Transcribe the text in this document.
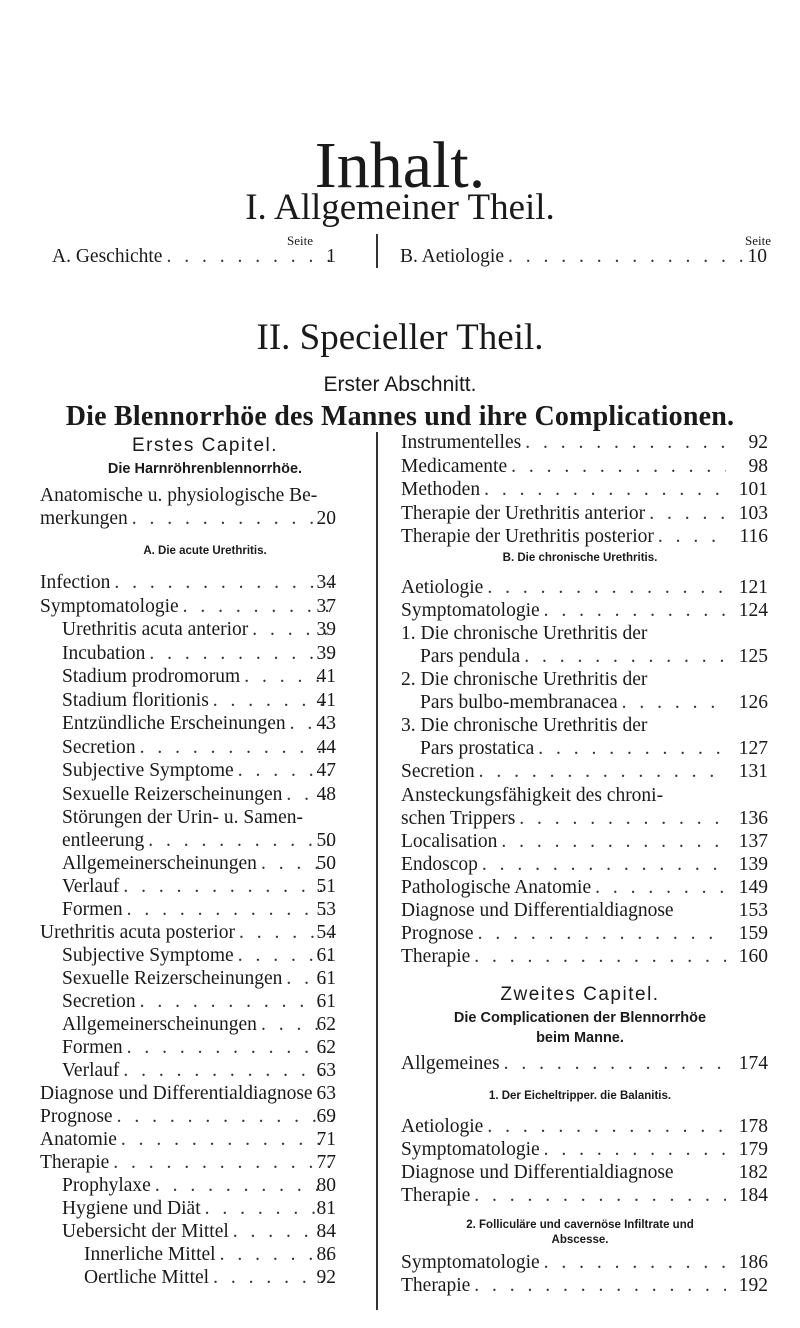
Inhalt.
I. Allgemeiner Theil.
Seite	Seite
A. Geschichte . . .	1	B. Aetiologie . . .	10
II. Specieller Theil.
Erster Abschnitt.
Die Blennorrhöe des Mannes und ihre Complicationen.
Erstes Capitel.
Die Harnröhrenblennorrhöe.
Anatomische u. physiologische Be-
merkungen . . .	20
A. Die acute Urethritis.
Infection . . .	34
Symptomatologie . . .	37
Urethritis acuta anterior . . .	39
Incubation . . .	39
Stadium prodromorum . . .	41
Stadium floritionis . . .	41
Entzündliche Erscheinungen . . .	43
Secretion . . .	44
Subjective Symptome . . .	47
Sexuelle Reizerscheinungen . . .	48
Störungen der Urin- u. Samen-
entleerung . . .	50
Allgemeinerscheinungen . . .	50
Verlauf . . .	51
Formen . . .	53
Urethritis acuta posterior . . .	54
Subjective Symptome . . .	61
Sexuelle Reizerscheinungen . . .	61
Secretion . . .	61
Allgemeinerscheinungen . . .	62
Formen . . .	62
Verlauf . . .	63
Diagnose und Differentialdiagnose 63
Prognose . . .	69
Anatomie . . .	71
Therapie . . .	77
Prophylaxe . . .	80
Hygiene und Diät . . .	81
Uebersicht der Mittel . . .	84
Innerliche Mittel . . .	86
Oertliche Mittel . . .	92
Instrumentelles . . .	92
Medicamente . . .	98
Methoden . . .	101
Therapie der Urethritis anterior . . .	103
Therapie der Urethritis posterior . . .	116
B. Die chronische Urethritis.
Aetiologie . . .	121
Symptomatologie . . .	124
1. Die chronische Urethritis der
Pars pendula . . .	125
2. Die chronische Urethritis der
Pars bulbo-membranacea . . .	126
3. Die chronische Urethritis der
Pars prostatica . . .	127
Secretion . . .	131
Ansteckungsfähigkeit des chroni-
schen Trippers . . .	136
Localisation . . .	137
Endoscop . . .	139
Pathologische Anatomie . . .	149
Diagnose und Differentialdiagnose	153
Prognose . . .	159
Therapie . . .	160
Zweites Capitel.
Die Complicationen der Blennorrhöe
beim Manne.
Allgemeines . . .	174
1. Der Eicheltripper. die Balanitis.
Aetiologie . . .	178
Symptomatologie . . .	179
Diagnose und Differentialdiagnose	182
Therapie . . .	184
2. Folliculäre und cavernöse Infiltrate und
Abscesse.
Symptomatologie . . .	186
Therapie . . .	192
